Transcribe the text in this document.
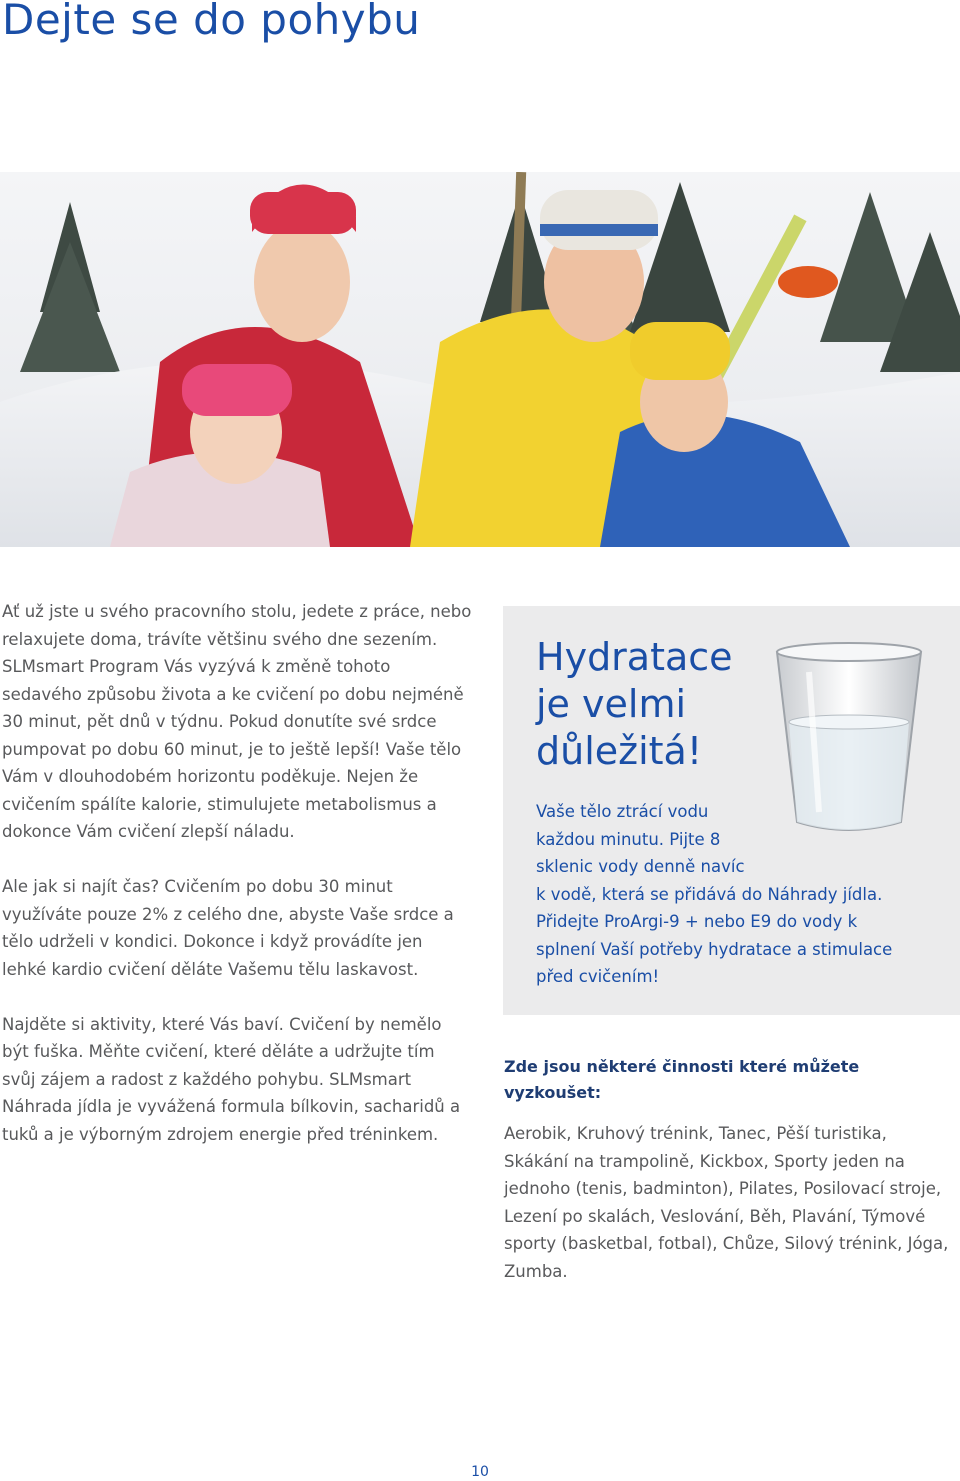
Dejte se do pohybu

Ať už jste u svého pracovního stolu, jedete z práce, nebo relaxujete doma, trávíte většinu svého dne sezením. SLMsmart Program Vás vyzývá k změně tohoto sedavého způsobu života a ke cvičení po dobu nejméně 30 minut, pět dnů v týdnu. Pokud donutíte své srdce pumpovat po dobu 60 minut, je to ještě lepší! Vaše tělo Vám v dlouhodobém horizontu poděkuje. Nejen že cvičením spálíte kalorie, stimulujete metabolismus a dokonce Vám cvičení zlepší náladu.

Ale jak si najít čas? Cvičením po dobu 30 minut využíváte pouze 2% z celého dne, abyste Vaše srdce a tělo udrželi v kondici. Dokonce i když provádíte jen lehké kardio cvičení děláte Vašemu tělu laskavost.

Najděte si aktivity, které Vás baví. Cvičení by nemělo být fuška. Měňte cvičení, které děláte a udržujte tím svůj zájem a radost z každého pohybu. SLMsmart Náhrada jídla je vyvážená formula bílkovin, sacharidů a tuků a je výborným zdrojem energie před tréninkem.

Hydratace
je velmi
důležitá!

Vaše tělo ztrácí vodu

každou minutu. Pijte 8

sklenic vody denně navíc

k vodě, která se přidává do Náhrady jídla.

Přidejte ProArgi-9 + nebo E9 do vody k

splnení Vaší potřeby hydratace a stimulace

před cvičením!

Zde jsou některé činnosti které můžete vyzkoušet:

Aerobik, Kruhový trénink, Tanec, Pěší turistika, Skákání na trampolině, Kickbox, Sporty jeden na jednoho (tenis, badminton), Pilates, Posilovací stroje, Lezení po skalách, Veslování, Běh, Plavání, Týmové sporty (basketbal, fotbal), Chůze, Silový trénink, Jóga, Zumba.

10
